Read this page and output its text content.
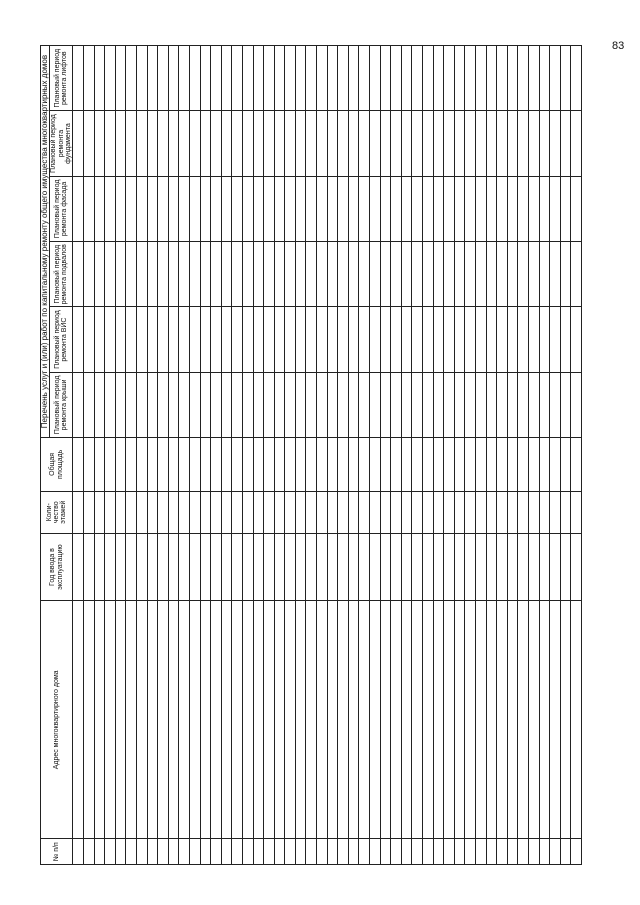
83
№ п/п	Адрес многоквартирного дома	Год ввода в эксплуатацию	Коли-чество этажей	Общая площадь	Перечень услуг и (или) работ по капитальному ремонту общего имущества многоквартирных домов					
					Плановый период ремонта крыши	Плановый период ремонта ВИС	Плановый период ремонта подвалов	Плановый период ремонта фасада	Плановый период ремонта фундамента	Плановый период ремонта лифтов
